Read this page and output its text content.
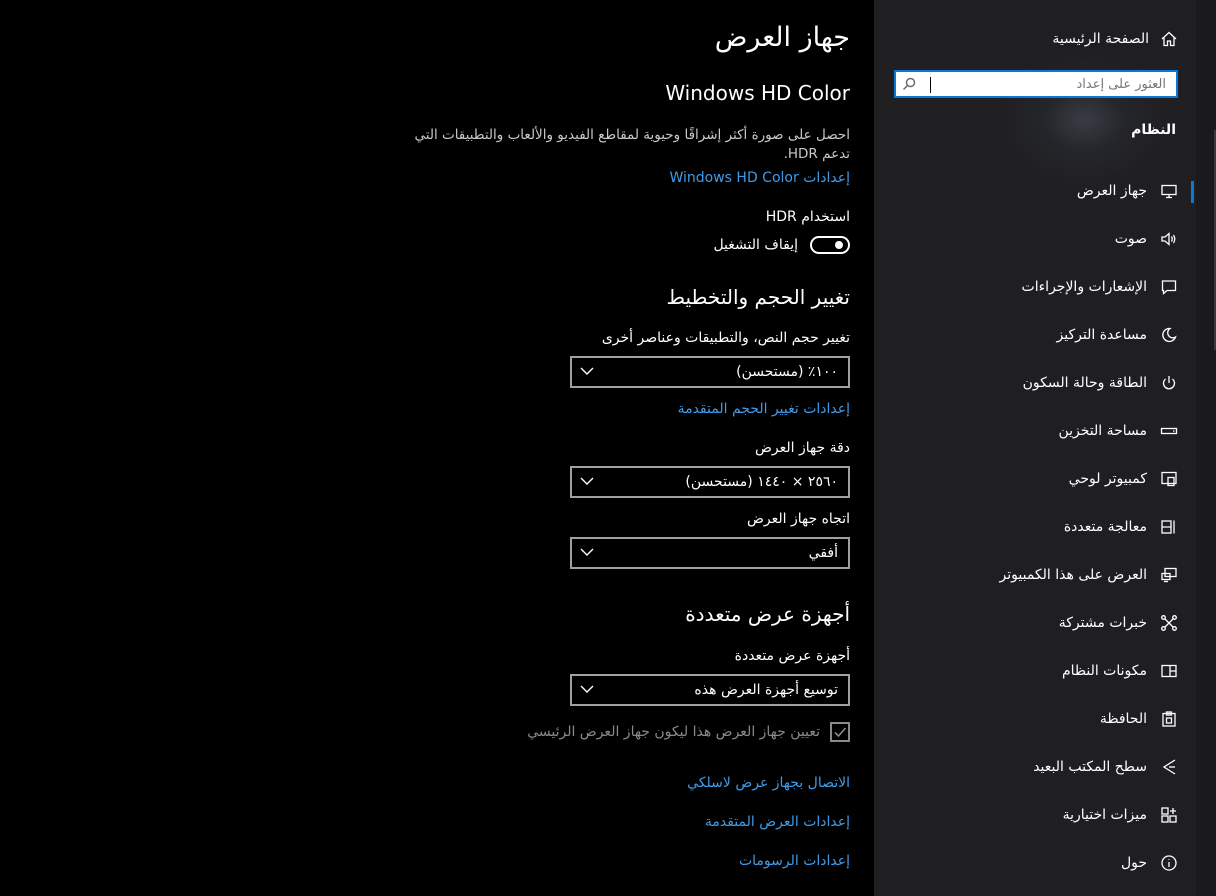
الصفحة الرئيسية
العثور على إعداد
النظام
جهاز العرض
صوت
الإشعارات والإجراءات
مساعدة التركيز
الطاقة وحالة السكون
مساحة التخزين
كمبيوتر لوحي
معالجة متعددة
العرض على هذا الكمبيوتر
خبرات مشتركة
مكونات النظام
الحافظة
سطح المكتب البعيد
ميزات اختيارية
حول
جهاز العرض
Windows HD Color
احصل على صورة أكثر إشراقًا وحيوية لمقاطع الفيديو والألعاب والتطبيقات التي تدعم HDR.
إعدادات Windows HD Color
استخدام HDR
إيقاف التشغيل
تغيير الحجم والتخطيط
تغيير حجم النص، والتطبيقات وعناصر أخرى
١٠٠٪ (مستحسن)
إعدادات تغيير الحجم المتقدمة
دقة جهاز العرض
٢٥٦٠ × ١٤٤٠ (مستحسن)
اتجاه جهاز العرض
أفقي
أجهزة عرض متعددة
أجهزة عرض متعددة
توسيع أجهزة العرض هذه
تعيين جهاز العرض هذا ليكون جهاز العرض الرئيسي
الاتصال بجهاز عرض لاسلكي
إعدادات العرض المتقدمة
إعدادات الرسومات
